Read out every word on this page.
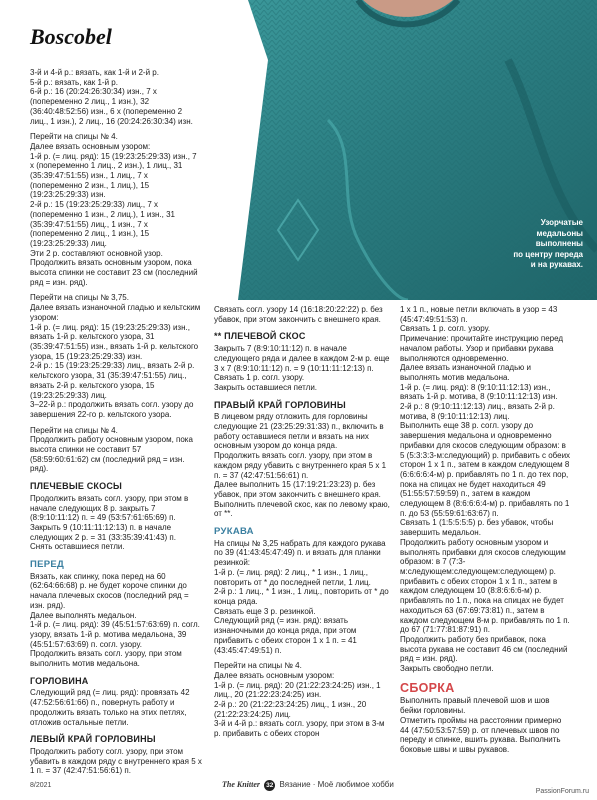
Boscobel
Узорчатые
медальоны
выполнены
по центру переда
и на рукавах.

3-й и 4-й р.: вязать, как 1-й и 2-й р.

5-й р.: вязать, как 1-й р.

6-й р.: 16 (20:24:26:30:34) изн., 7 х (попеременно 2 лиц., 1 изн.), 32 (36:40:48:52:56) изн., 6 х (попеременно 2 лиц., 1 изн.), 2 лиц., 16 (20:24:26:30:34) изн.

Перейти на спицы № 4.

Далее вязать основным узором:

1-й р. (= лиц. ряд): 15 (19:23:25:29:33) изн., 7 х (попеременно 1 лиц., 2 изн.), 1 лиц., 31 (35:39:47:51:55) изн., 1 лиц., 7 х (попеременно 2 изн., 1 лиц.), 15 (19:23:25:29:33) изн.

2-й р.: 15 (19:23:25:29:33) лиц., 7 х (попеременно 1 изн., 2 лиц.), 1 изн., 31 (35:39:47:51:55) лиц., 1 изн., 7 х (попеременно 2 лиц., 1 изн.), 15 (19:23:25:29:33) лиц.

Эти 2 р. составляют основной узор.

Продолжить вязать основным узором, пока высота спинки не составит 23 см (последний ряд = изн. ряд).

Перейти на спицы № 3,75.

Далее вязать изнаночной гладью и кельтским узором:

1-й р. (= лиц. ряд): 15 (19:23:25:29:33) изн., вязать 1-й р. кельтского узора, 31 (35:39:47:51:55) изн., вязать 1-й р. кельтского узора, 15 (19:23:25:29:33) изн.

2-й р.: 15 (19:23:25:29:33) лиц., вязать 2-й р. кельтского узора, 31 (35:39:47:51:55) лиц., вязать 2-й р. кельтского узора, 15 (19:23:25:29:33) лиц.

3–22-й р.: продолжить вязать согл. узору до завершения 22-го р. кельтского узора.

Перейти на спицы № 4.

Продолжить работу основным узором, пока высота спинки не составит 57 (58:59:60:61:62) см (последний ряд = изн. ряд).

ПЛЕЧЕВЫЕ СКОСЫ

Продолжить вязать согл. узору, при этом в начале следующих 8 р. закрыть 7 (8:9:10:11:12) п. = 49 (53:57:61:65:69) п.

Закрыть 9 (10:11:11:12:13) п. в начале следующих 2 р. = 31 (33:35:39:41:43) п.

Снять оставшиеся петли.

ПЕРЕД

Вязать, как спинку, пока перед на 60 (62:64:66:68) р. не будет короче спинки до начала плечевых скосов (последний ряд = изн. ряд).

Далее выполнять медальон.

1-й р. (= лиц. ряд): 39 (45:51:57:63:69) п. согл. узору, вязать 1-й р. мотива медальона, 39 (45:51:57:63:69) п. согл. узору.

Продолжить вязать согл. узору, при этом выполнить мотив медальона.

ГОРЛОВИНА

Следующий ряд (= лиц. ряд): провязать 42 (47:52:56:61:66) п., повернуть работу и продолжить вязать только на этих петлях, отложив остальные петли.

ЛЕВЫЙ КРАЙ ГОРЛОВИНЫ

Продолжить работу согл. узору, при этом убавить в каждом ряду с внутреннего края 5 х 1 п. = 37 (42:47:51:56:61) п.

Связать согл. узору 14 (16:18:20:22:22) р. без убавок, при этом закончить с внешнего края.

** ПЛЕЧЕВОЙ СКОС

Закрыть 7 (8:9:10:11:12) п. в начале следующего ряда и далее в каждом 2-м р. еще 3 х 7 (8:9:10:11:12) п. = 9 (10:11:11:12:13) п.

Связать 1 р. согл. узору.

Закрыть оставшиеся петли.

ПРАВЫЙ КРАЙ ГОРЛОВИНЫ

В лицевом ряду отложить для горловины следующие 21 (23:25:29:31:33) п., включить в работу оставшиеся петли и вязать на них основным узором до конца ряда.

Продолжить вязать согл. узору, при этом в каждом ряду убавить с внутреннего края 5 х 1 п. = 37 (42:47:51:56:61) п.

Далее выполнить 15 (17:19:21:23:23) р. без убавок, при этом закончить с внешнего края.

Выполнить плечевой скос, как по левому краю, от **.

РУКАВА

На спицы № 3,25 набрать для каждого рукава по 39 (41:43:45:47:49) п. и вязать для планки резинкой:

1-й р. (= лиц. ряд): 2 лиц., * 1 изн., 1 лиц., повторить от * до последней петли, 1 лиц.

2-й р.: 1 лиц., * 1 изн., 1 лиц., повторить от * до конца ряда.

Связать еще 3 р. резинкой.

Следующий ряд (= изн. ряд): вязать изнаночными до конца ряда, при этом прибавить с обеих сторон 1 х 1 п. = 41 (43:45:47:49:51) п.

Перейти на спицы № 4.

Далее вязать основным узором:

1-й р. (= лиц. ряд): 20 (21:22:23:24:25) изн., 1 лиц., 20 (21:22:23:24:25) изн.

2-й р.: 20 (21:22:23:24:25) лиц., 1 изн., 20 (21:22:23:24:25) лиц.

3-й и 4-й р.: вязать согл. узору, при этом в 3-м р. прибавить с обеих сторон

1 х 1 п., новые петли включать в узор = 43 (45:47:49:51:53) п.

Связать 1 р. согл. узору.

Примечание: прочитайте инструкцию перед началом работы. Узор и прибавки рукава выполняются одновременно.

Далее вязать изнаночной гладью и выполнять мотив медальона.

1-й р. (= лиц. ряд): 8 (9:10:11:12:13) изн., вязать 1-й р. мотива, 8 (9:10:11:12:13) изн.

2-й р.: 8 (9:10:11:12:13) лиц., вязать 2-й р. мотива, 8 (9:10:11:12:13) лиц.

Выполнить еще 38 р. согл. узору до завершения медальона и одновременно прибавки для скосов следующим образом: в 5 (5:3:3:3-м:следующий) р. прибавить с обеих сторон 1 х 1 п., затем в каждом следующем 8 (6:6:6:6:4-м) р. прибавлять по 1 п. до тех пор, пока на спицах не будет находиться 49 (51:55:57:59:59) п., затем в каждом следующем 8 (8:6:6:6:4-м) р. прибавлять по 1 п. до 53 (55:59:61:63:67) п.

Связать 1 (1:5:5:5:5) р. без убавок, чтобы завершить медальон.

Продолжить работу основным узором и выполнять прибавки для скосов следующим образом: в 7 (7:3-м:следующем:следующем:следующем) р. прибавить с обеих сторон 1 х 1 п., затем в каждом следующем 10 (8:8:6:6:6-м) р. прибавлять по 1 п., пока на спицах не будет находиться 63 (67:69:73:81) п., затем в каждом следующем 8-м р. прибавлять по 1 п. до 67 (71:77:81:87:91) п.

Продолжить работу без прибавок, пока высота рукава не составит 46 см (последний ряд = изн. ряд).

Закрыть свободно петли.

СБОРКА

Выполнить правый плечевой шов и шов бейки горловины.

Отметить проймы на расстоянии примерно 44 (47:50:53:57:59) р. от плечевых швов по переду и спинке, вшить рукава. Выполнить боковые швы и швы рукавов.

8/2021	The Knitter 32 Вязание · Моё любимое хобби
PassionForum.ru
